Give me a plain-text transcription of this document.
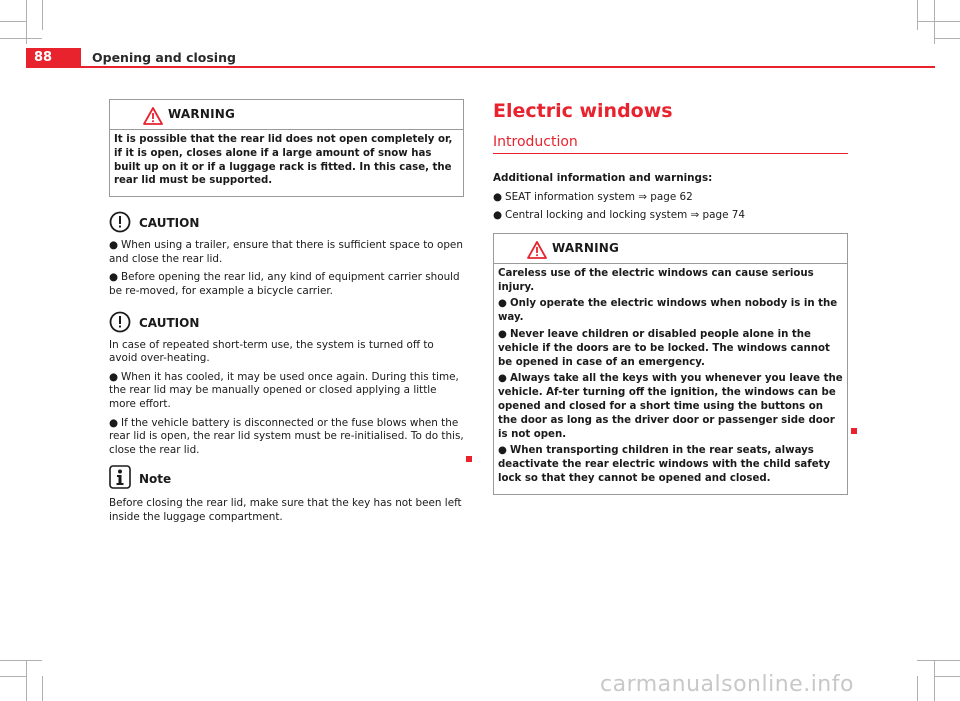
88	Opening and closing
WARNING

It is possible that the rear lid does not open completely or, if it is open, closes alone if a large amount of snow has built up on it or if a luggage rack is fitted. In this case, the rear lid must be supported.

CAUTION

● When using a trailer, ensure that there is sufficient space to open and close the rear lid.

● Before opening the rear lid, any kind of equipment carrier should be re-moved, for example a bicycle carrier.

CAUTION

In case of repeated short-term use, the system is turned off to avoid over-heating.

● When it has cooled, it may be used once again. During this time, the rear lid may be manually opened or closed applying a little more effort.

● If the vehicle battery is disconnected or the fuse blows when the rear lid is open, the rear lid system must be re-initialised. To do this, close the rear lid.

Note

Before closing the rear lid, make sure that the key has not been left inside the luggage compartment.

Electric windows
Introduction

Additional information and warnings:

● SEAT information system ⇒ page 62

● Central locking and locking system ⇒ page 74

WARNING

Careless use of the electric windows can cause serious injury.

● Only operate the electric windows when nobody is in the way.

● Never leave children or disabled people alone in the vehicle if the doors are to be locked. The windows cannot be opened in case of an emergency.

● Always take all the keys with you whenever you leave the vehicle. Af-ter turning off the ignition, the windows can be opened and closed for a short time using the buttons on the door as long as the driver door or passenger side door is not open.

● When transporting children in the rear seats, always deactivate the rear electric windows with the child safety lock so that they cannot be opened and closed.

carmanualsonline.info
